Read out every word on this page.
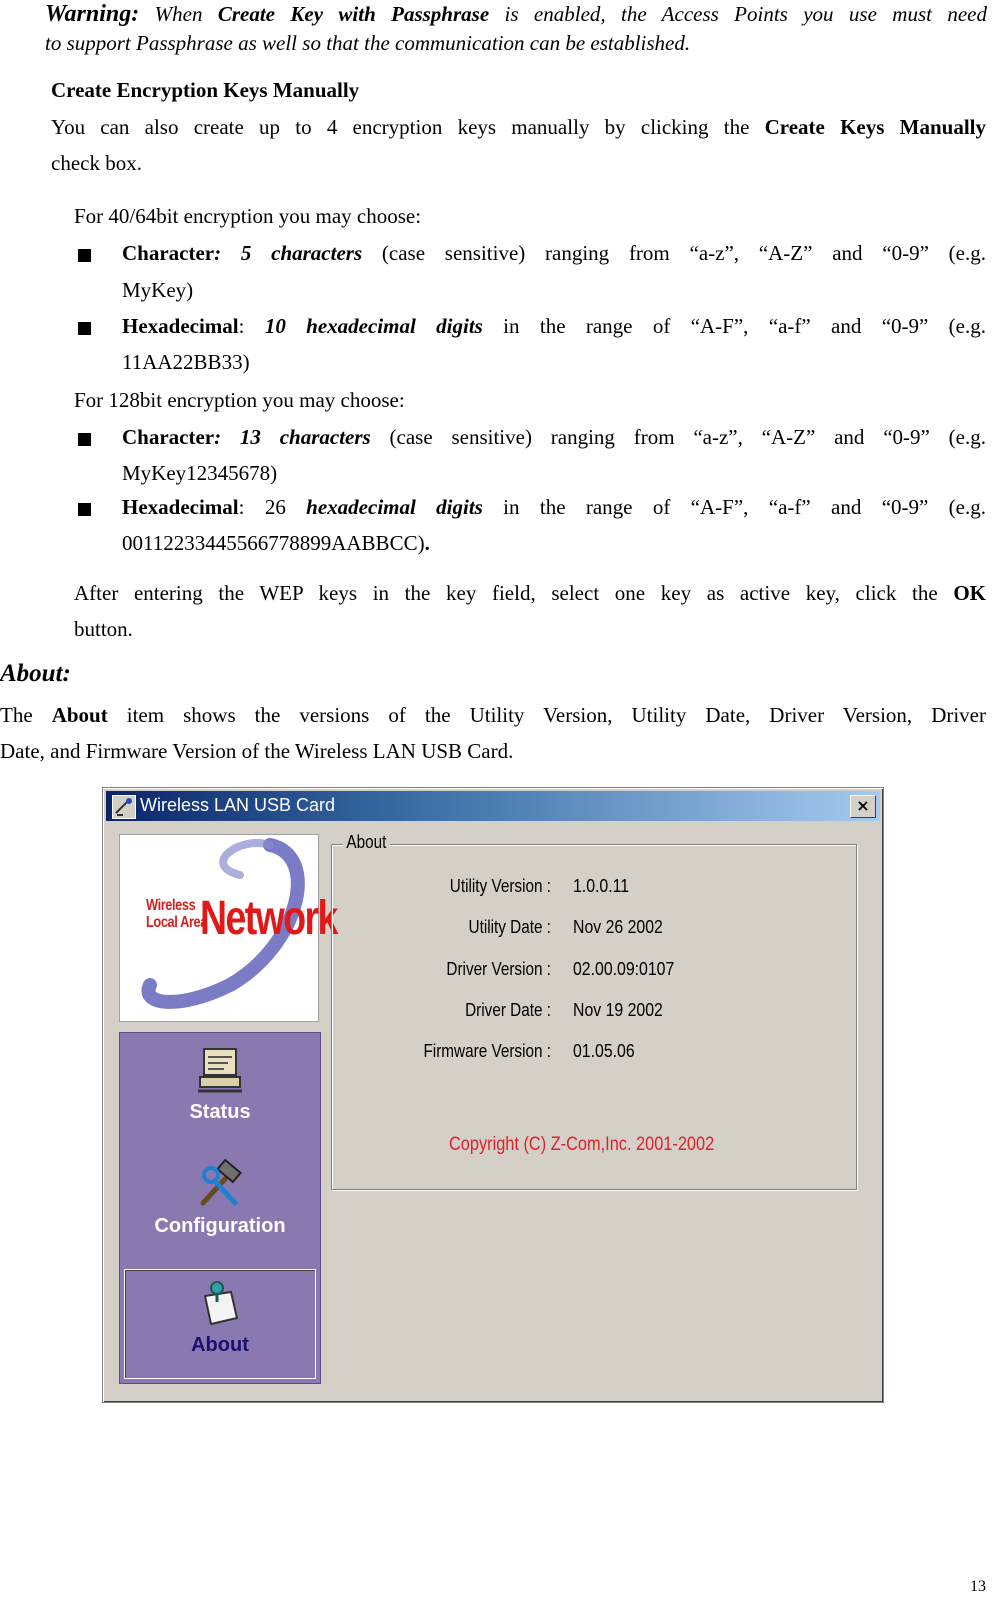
Warning: When Create Key with Passphrase is enabled, the Access Points you use must need
to support Passphrase as well so that the communication can be established.
Create Encryption Keys Manually
You can also create up to 4 encryption keys manually by clicking the Create Keys Manually
check box.
For 40/64bit encryption you may choose:
Character: 5 characters (case sensitive) ranging from “a-z”, “A-Z” and “0-9” (e.g.
MyKey)
Hexadecimal: 10 hexadecimal digits in the range of “A-F”, “a-f” and “0-9” (e.g.
11AA22BB33)
For 128bit encryption you may choose:
Character: 13 characters (case sensitive) ranging from “a-z”, “A-Z” and “0-9” (e.g.
MyKey12345678)
Hexadecimal: 26 hexadecimal digits in the range of “A-F”, “a-f” and “0-9” (e.g.
00112233445566778899AABBCC).
After entering the WEP keys in the key field, select one key as active key, click the OK
button.
About:
The About item shows the versions of the Utility Version, Utility Date, Driver Version, Driver
Date, and Firmware Version of the Wireless LAN USB Card.
Wireless LAN USB Card	×
Wireless
Local Area
Network
Status
Configuration
About
About
Utility Version : 1.0.0.11
Utility Date : Nov 26 2002
Driver Version : 02.00.09:0107
Driver Date : Nov 19 2002
Firmware Version : 01.05.06
Copyright (C) Z-Com,Inc. 2001-2002
13
